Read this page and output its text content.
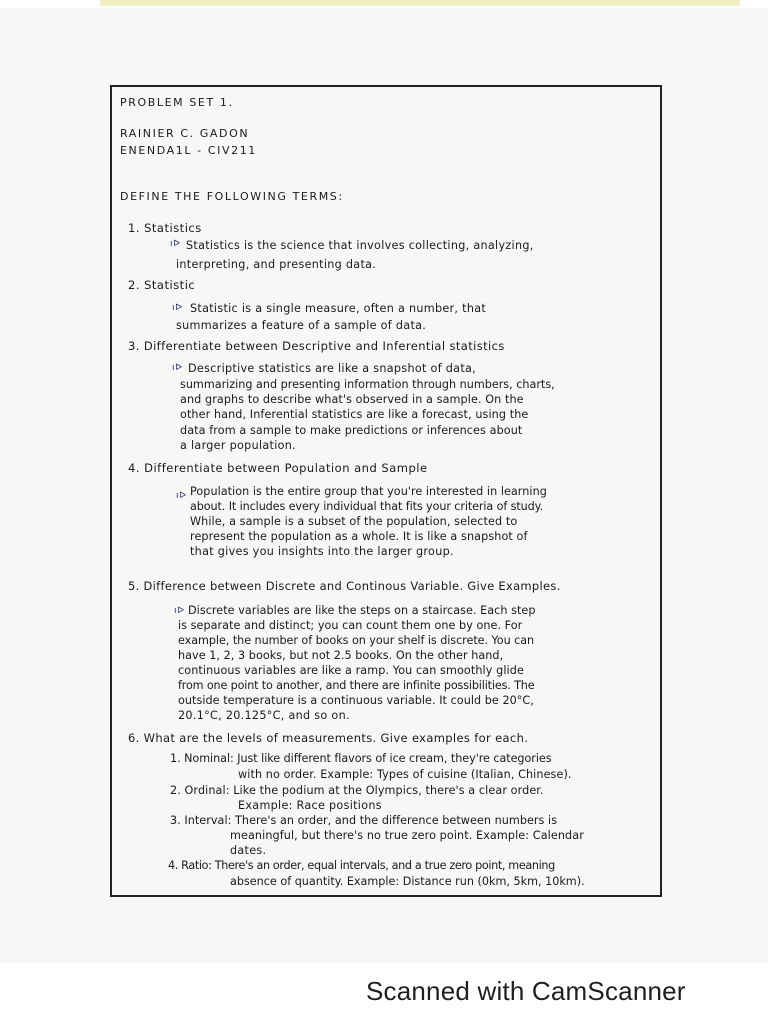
PROBLEM SET 1.

RAINIER C. GADON

ENENDA1L - CIV211

DEFINE THE FOLLOWING TERMS:

1. Statistics

ıᐅ Statistics is the science that involves collecting, analyzing,

interpreting, and presenting data.

2. Statistic

ıᐅ Statistic is a single measure, often a number, that

summarizes a feature of a sample of data.

3. Differentiate between Descriptive and Inferential statistics

ıᐅ Descriptive statistics are like a snapshot of data,

summarizing and presenting information through numbers, charts,

and graphs to describe what's observed in a sample. On the

other hand, Inferential statistics are like a forecast, using the

data from a sample to make predictions or inferences about

a larger population.

4. Differentiate between Population and Sample

ıᐅ Population is the entire group that you're interested in learning

about. It includes every individual that fits your criteria of study.

While, a sample is a subset of the population, selected to

represent the population as a whole. It is like a snapshot of

that gives you insights into the larger group.

5. Difference between Discrete and Continous Variable. Give Examples.

ıᐅ Discrete variables are like the steps on a staircase. Each step

is separate and distinct; you can count them one by one. For

example, the number of books on your shelf is discrete. You can

have 1, 2, 3 books, but not 2.5 books. On the other hand,

continuous variables are like a ramp. You can smoothly glide

from one point to another, and there are infinite possibilities. The

outside temperature is a continuous variable. It could be 20°C,

20.1°C, 20.125°C, and so on.

6. What are the levels of measurements. Give examples for each.

1. Nominal: Just like different flavors of ice cream, they're categories

with no order. Example: Types of cuisine (Italian, Chinese).

2. Ordinal: Like the podium at the Olympics, there's a clear order.

Example: Race positions

3. Interval: There's an order, and the difference between numbers is

meaningful, but there's no true zero point. Example: Calendar

dates.

4. Ratio: There's an order, equal intervals, and a true zero point, meaning

absence of quantity. Example: Distance run (0km, 5km, 10km).

Scanned with CamScanner
